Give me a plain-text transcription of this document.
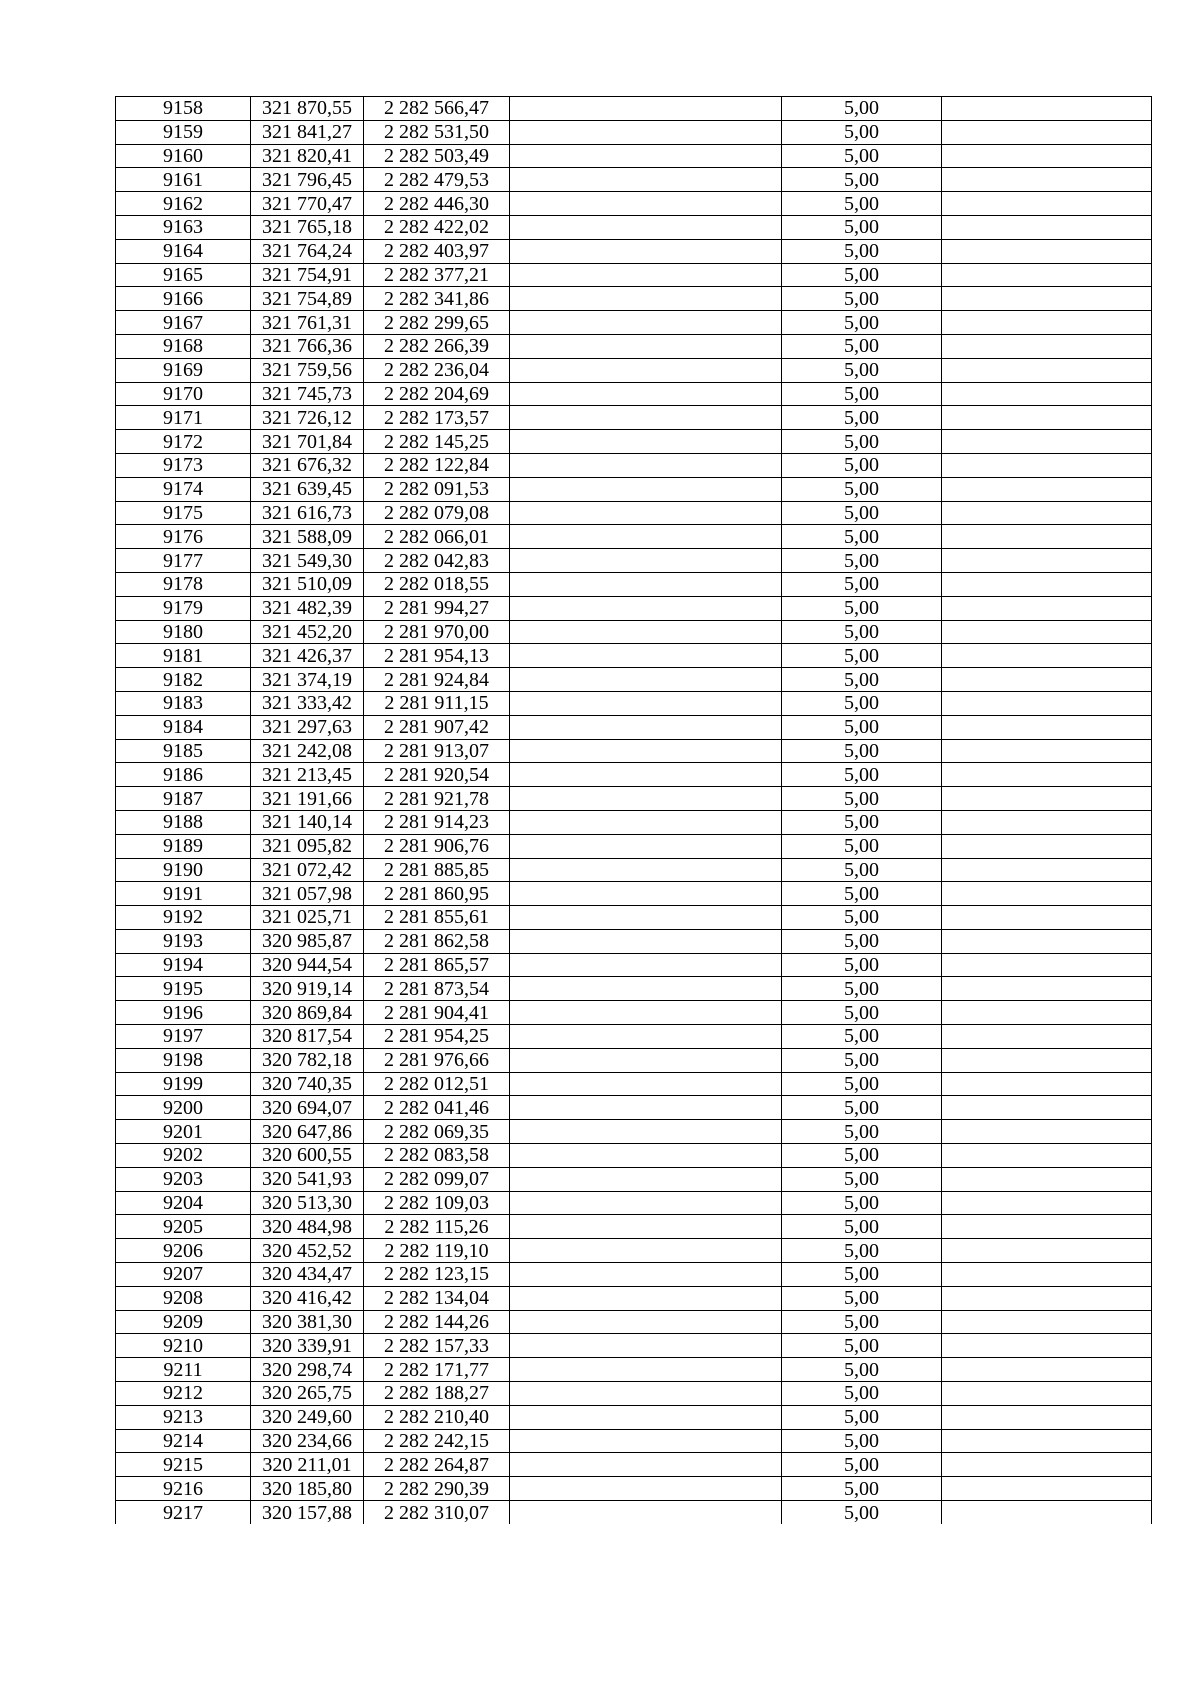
9158	321 870,55	2 282 566,47		5,00	
9159	321 841,27	2 282 531,50		5,00	
9160	321 820,41	2 282 503,49		5,00	
9161	321 796,45	2 282 479,53		5,00	
9162	321 770,47	2 282 446,30		5,00	
9163	321 765,18	2 282 422,02		5,00	
9164	321 764,24	2 282 403,97		5,00	
9165	321 754,91	2 282 377,21		5,00	
9166	321 754,89	2 282 341,86		5,00	
9167	321 761,31	2 282 299,65		5,00	
9168	321 766,36	2 282 266,39		5,00	
9169	321 759,56	2 282 236,04		5,00	
9170	321 745,73	2 282 204,69		5,00	
9171	321 726,12	2 282 173,57		5,00	
9172	321 701,84	2 282 145,25		5,00	
9173	321 676,32	2 282 122,84		5,00	
9174	321 639,45	2 282 091,53		5,00	
9175	321 616,73	2 282 079,08		5,00	
9176	321 588,09	2 282 066,01		5,00	
9177	321 549,30	2 282 042,83		5,00	
9178	321 510,09	2 282 018,55		5,00	
9179	321 482,39	2 281 994,27		5,00	
9180	321 452,20	2 281 970,00		5,00	
9181	321 426,37	2 281 954,13		5,00	
9182	321 374,19	2 281 924,84		5,00	
9183	321 333,42	2 281 911,15		5,00	
9184	321 297,63	2 281 907,42		5,00	
9185	321 242,08	2 281 913,07		5,00	
9186	321 213,45	2 281 920,54		5,00	
9187	321 191,66	2 281 921,78		5,00	
9188	321 140,14	2 281 914,23		5,00	
9189	321 095,82	2 281 906,76		5,00	
9190	321 072,42	2 281 885,85		5,00	
9191	321 057,98	2 281 860,95		5,00	
9192	321 025,71	2 281 855,61		5,00	
9193	320 985,87	2 281 862,58		5,00	
9194	320 944,54	2 281 865,57		5,00	
9195	320 919,14	2 281 873,54		5,00	
9196	320 869,84	2 281 904,41		5,00	
9197	320 817,54	2 281 954,25		5,00	
9198	320 782,18	2 281 976,66		5,00	
9199	320 740,35	2 282 012,51		5,00	
9200	320 694,07	2 282 041,46		5,00	
9201	320 647,86	2 282 069,35		5,00	
9202	320 600,55	2 282 083,58		5,00	
9203	320 541,93	2 282 099,07		5,00	
9204	320 513,30	2 282 109,03		5,00	
9205	320 484,98	2 282 115,26		5,00	
9206	320 452,52	2 282 119,10		5,00	
9207	320 434,47	2 282 123,15		5,00	
9208	320 416,42	2 282 134,04		5,00	
9209	320 381,30	2 282 144,26		5,00	
9210	320 339,91	2 282 157,33		5,00	
9211	320 298,74	2 282 171,77		5,00	
9212	320 265,75	2 282 188,27		5,00	
9213	320 249,60	2 282 210,40		5,00	
9214	320 234,66	2 282 242,15		5,00	
9215	320 211,01	2 282 264,87		5,00	
9216	320 185,80	2 282 290,39		5,00	
9217	320 157,88	2 282 310,07		5,00	
